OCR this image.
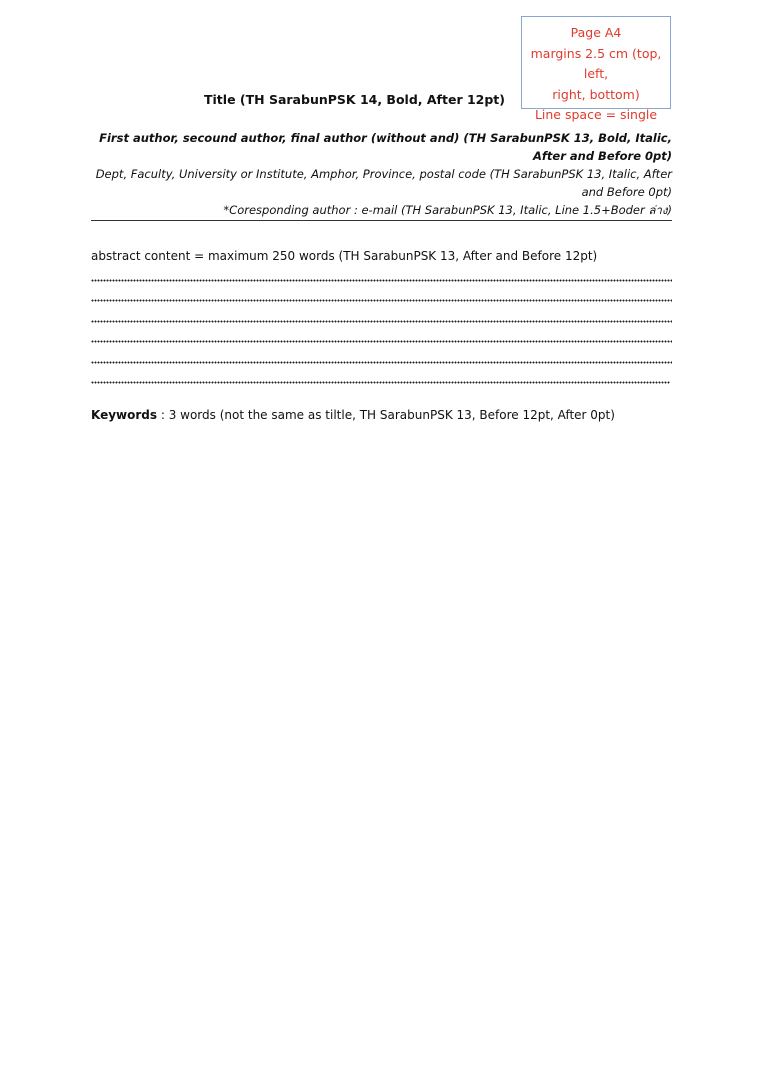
Page A4
margins 2.5 cm (top, left,
right, bottom)
Line space = single
Title (TH SarabunPSK 14, Bold, After 12pt)
First author, secound author, final author (without and) (TH SarabunPSK 13, Bold, Italic, After and Before 0pt)
Dept, Faculty, University or Institute, Amphor, Province, postal code (TH SarabunPSK 13, Italic, After and Before 0pt)
*Coresponding author : e-mail (TH SarabunPSK 13, Italic, Line 1.5+Boder ล่าง)
abstract content = maximum 250 words (TH SarabunPSK 13, After and Before 12pt)
Keywords : 3 words (not the same as tiltle, TH SarabunPSK 13, Before 12pt, After 0pt)
